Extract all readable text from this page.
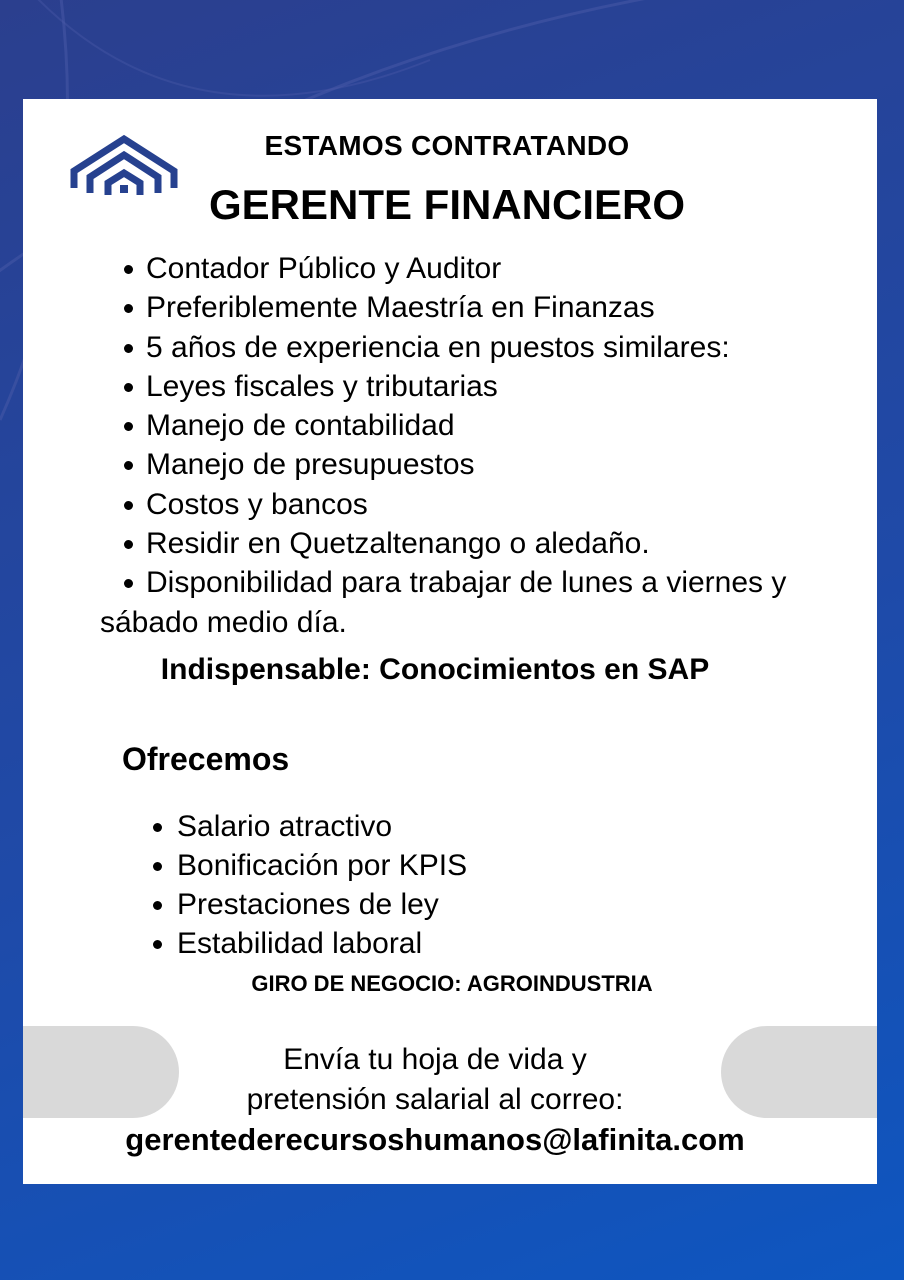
ESTAMOS CONTRATANDO
GERENTE FINANCIERO
Contador Público y Auditor
Preferiblemente Maestría en Finanzas
5 años de experiencia en puestos similares:
Leyes fiscales y tributarias
Manejo de contabilidad
Manejo de presupuestos
Costos y bancos
Residir en Quetzaltenango o aledaño.
Disponibilidad para trabajar de lunes a viernes y sábado medio día.
Indispensable: Conocimientos en SAP
Ofrecemos
Salario atractivo
Bonificación por KPIS
Prestaciones de ley
Estabilidad laboral
GIRO DE NEGOCIO: AGROINDUSTRIA
Envía tu hoja de vida y
pretensión salarial al correo:
gerentederecursoshumanos@lafinita.com
